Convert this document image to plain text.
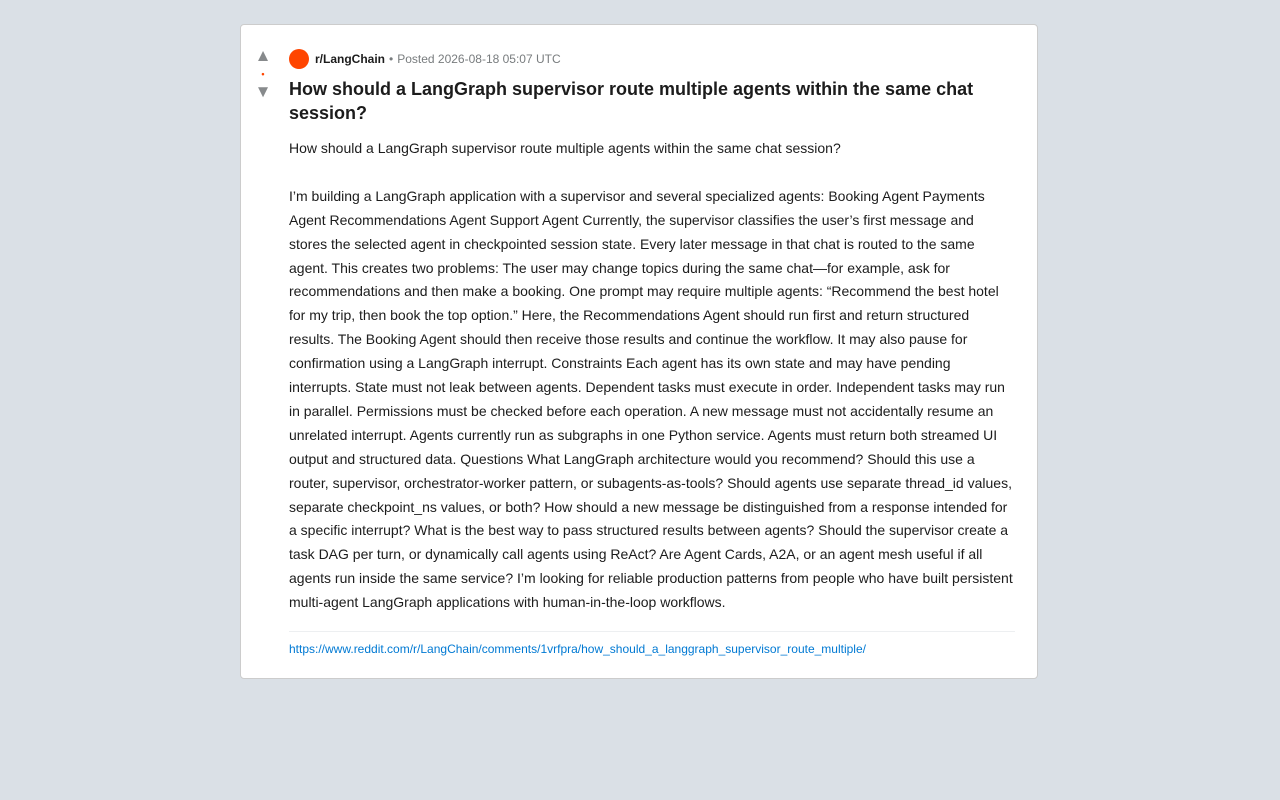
▲
•
▼
r/LangChain • Posted 2026-08-18 05:07 UTC
How should a LangGraph supervisor route multiple agents within the same chat session?

How should a LangGraph supervisor route multiple agents within the same chat session?

I’m building a LangGraph application with a supervisor and several specialized agents: Booking Agent Payments Agent Recommendations Agent Support Agent Currently, the supervisor classifies the user’s first message and stores the selected agent in checkpointed session state. Every later message in that chat is routed to the same agent. This creates two problems: The user may change topics during the same chat—for example, ask for recommendations and then make a booking. One prompt may require multiple agents: “Recommend the best hotel for my trip, then book the top option.” Here, the Recommendations Agent should run first and return structured results. The Booking Agent should then receive those results and continue the workflow. It may also pause for confirmation using a LangGraph interrupt. Constraints Each agent has its own state and may have pending interrupts. State must not leak between agents. Dependent tasks must execute in order. Independent tasks may run in parallel. Permissions must be checked before each operation. A new message must not accidentally resume an unrelated interrupt. Agents currently run as subgraphs in one Python service. Agents must return both streamed UI output and structured data. Questions What LangGraph architecture would you recommend? Should this use a router, supervisor, orchestrator-worker pattern, or subagents-as-tools? Should agents use separate thread_id values, separate checkpoint_ns values, or both? How should a new message be distinguished from a response intended for a specific interrupt? What is the best way to pass structured results between agents? Should the supervisor create a task DAG per turn, or dynamically call agents using ReAct? Are Agent Cards, A2A, or an agent mesh useful if all agents run inside the same service? I’m looking for reliable production patterns from people who have built persistent multi-agent LangGraph applications with human-in-the-loop workflows.

https://www.reddit.com/r/LangChain/comments/1vrfpra/how_should_a_langgraph_supervisor_route_multiple/
